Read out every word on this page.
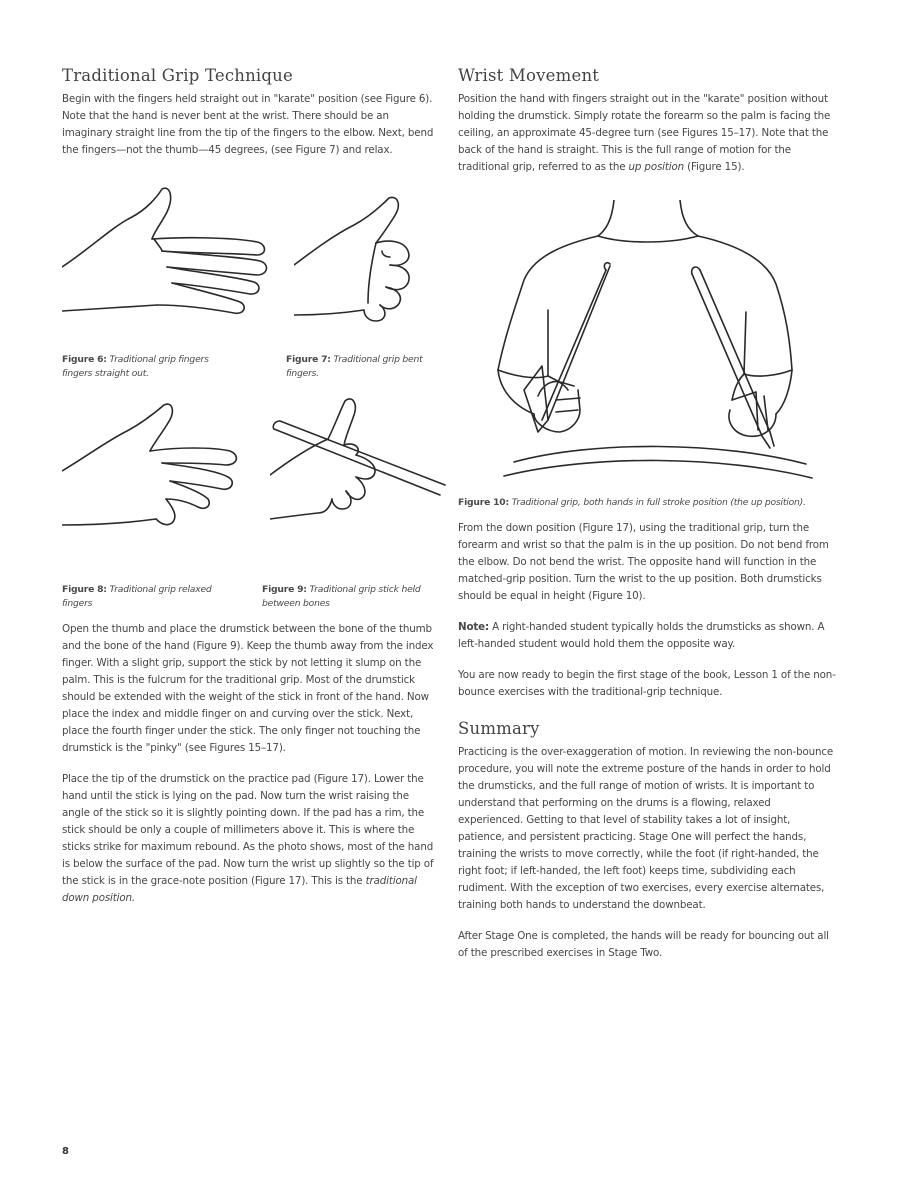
Traditional Grip Technique

Begin with the fingers held straight out in "karate" position (see Figure 6). Note that the hand is never bent at the wrist. There should be an imaginary straight line from the tip of the fingers to the elbow. Next, bend the fingers—not the thumb—45 degrees, (see Figure 7) and relax.

Figure 6: Traditional grip fingers fingers straight out.
Figure 7: Traditional grip bent fingers.
Figure 8: Traditional grip relaxed fingers
Figure 9: Traditional grip stick held between bones

Open the thumb and place the drumstick between the bone of the thumb and the bone of the hand (Figure 9). Keep the thumb away from the index finger. With a slight grip, support the stick by not letting it slump on the palm. This is the fulcrum for the traditional grip. Most of the drumstick should be extended with the weight of the stick in front of the hand. Now place the index and middle finger on and curving over the stick. Next, place the fourth finger under the stick. The only finger not touching the drumstick is the "pinky" (see Figures 15–17).

Place the tip of the drumstick on the practice pad (Figure 17). Lower the hand until the stick is lying on the pad. Now turn the wrist raising the angle of the stick so it is slightly pointing down. If the pad has a rim, the stick should be only a couple of millimeters above it. This is where the sticks strike for maximum rebound. As the photo shows, most of the hand is below the surface of the pad. Now turn the wrist up slightly so the tip of the stick is in the grace-note position (Figure 17). This is the traditional down position.

Wrist Movement

Position the hand with fingers straight out in the "karate" position without holding the drumstick. Simply rotate the forearm so the palm is facing the ceiling, an approximate 45-degree turn (see Figures 15–17). Note that the back of the hand is straight. This is the full range of motion for the traditional grip, referred to as the up position (Figure 15).

Figure 10: Traditional grip, both hands in full stroke position (the up position).

From the down position (Figure 17), using the traditional grip, turn the forearm and wrist so that the palm is in the up position. Do not bend from the elbow. Do not bend the wrist. The opposite hand will function in the matched-grip position. Turn the wrist to the up position. Both drumsticks should be equal in height (Figure 10).

Note: A right-handed student typically holds the drumsticks as shown. A left-handed student would hold them the opposite way.

You are now ready to begin the first stage of the book, Lesson 1 of the non-bounce exercises with the traditional-grip technique.

Summary

Practicing is the over-exaggeration of motion. In reviewing the non-bounce procedure, you will note the extreme posture of the hands in order to hold the drumsticks, and the full range of motion of wrists. It is important to understand that performing on the drums is a flowing, relaxed experienced. Getting to that level of stability takes a lot of insight, patience, and persistent practicing. Stage One will perfect the hands, training the wrists to move correctly, while the foot (if right-handed, the right foot; if left-handed, the left foot) keeps time, subdividing each rudiment. With the exception of two exercises, every exercise alternates, training both hands to understand the downbeat.

After Stage One is completed, the hands will be ready for bouncing out all of the prescribed exercises in Stage Two.

8
